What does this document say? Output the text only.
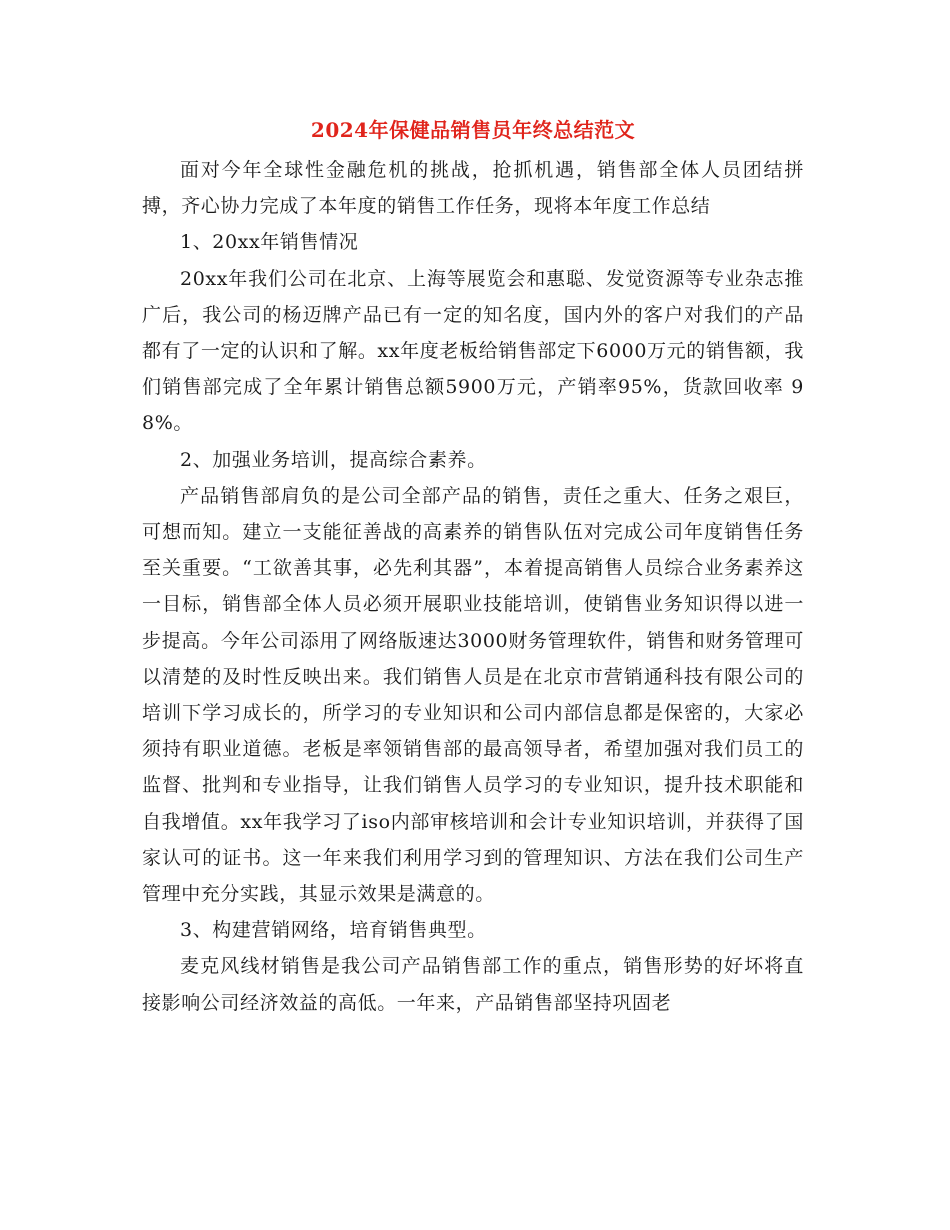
2024年保健品销售员年终总结范文

面对今年全球性金融危机的挑战，抢抓机遇，销售部全体人员团结拼搏，齐心协力完成了本年度的销售工作任务，现将本年度工作总结

1、20xx年销售情况

20xx年我们公司在北京、上海等展览会和惠聪、发觉资源等专业杂志推广后，我公司的杨迈牌产品已有一定的知名度，国内外的客户对我们的产品都有了一定的认识和了解。xx年度老板给销售部定下6000万元的销售额，我们销售部完成了全年累计销售总额5900万元，产销率95%，货款回收率 98%。

2、加强业务培训，提高综合素养。

产品销售部肩负的是公司全部产品的销售，责任之重大、任务之艰巨，可想而知。建立一支能征善战的高素养的销售队伍对完成公司年度销售任务至关重要。“工欲善其事，必先利其器”，本着提高销售人员综合业务素养这一目标，销售部全体人员必须开展职业技能培训，使销售业务知识得以进一步提高。今年公司添用了网络版速达3000财务管理软件，销售和财务管理可以清楚的及时性反映出来。我们销售人员是在北京市营销通科技有限公司的培训下学习成长的，所学习的专业知识和公司内部信息都是保密的，大家必须持有职业道德。老板是率领销售部的最高领导者，希望加强对我们员工的监督、批判和专业指导，让我们销售人员学习的专业知识，提升技术职能和自我增值。xx年我学习了iso内部审核培训和会计专业知识培训，并获得了国家认可的证书。这一年来我们利用学习到的管理知识、方法在我们公司生产管理中充分实践，其显示效果是满意的。

3、构建营销网络，培育销售典型。

麦克风线材销售是我公司产品销售部工作的重点，销售形势的好坏将直接影响公司经济效益的高低。一年来，产品销售部坚持巩固老
